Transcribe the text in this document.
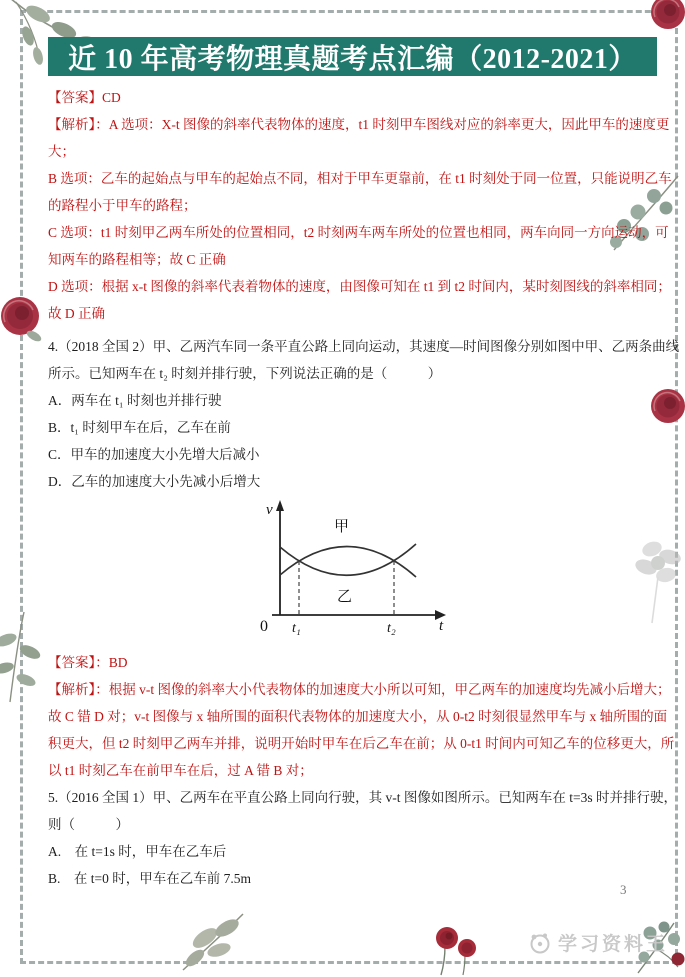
近 10 年高考物理真题考点汇编（2012-2021）
【答案】CD
【解析】：A 选项：X-t 图像的斜率代表物体的速度，t1 时刻甲车图线对应的斜率更大，因此甲车的速度更
大；
B 选项：乙车的起始点与甲车的起始点不同，相对于甲车更靠前，在 t1 时刻处于同一位置，只能说明乙车
的路程小于甲车的路程；
C 选项：t1 时刻甲乙两车所处的位置相同，t2 时刻两车两车所处的位置也相同，两车向同一方向运动，可
知两车的路程相等；故 C 正确
D 选项：根据 x-t 图像的斜率代表着物体的速度，由图像可知在 t1 到 t2 时间内，某时刻图线的斜率相同；
故 D 正确
4.（2018 全国 2）甲、乙两汽车同一条平直公路上同向运动，其速度—时间图像分别如图中甲、乙两条曲线
所示。已知两车在 t₂ 时刻并排行驶，下列说法正确的是（　　　）
A．两车在 t₁ 时刻也并排行驶
B．t₁ 时刻甲车在后，乙车在前
C．甲车的加速度大小先增大后减小
D．乙车的加速度大小先减小后增大
v
t
0 t₁	t₂
甲
乙
【答案】：BD
【解析】：根据 v-t 图像的斜率大小代表物体的加速度大小所以可知，甲乙两车的加速度均先减小后增大；
故 C 错 D 对；v-t 图像与 x 轴所围的面积代表物体的加速度大小，从 0-t2 时刻很显然甲车与 x 轴所围的面
积更大，但 t2 时刻甲乙两车并排，说明开始时甲车在后乙车在前；从 0-t1 时间内可知乙车的位移更大，所
以 t1 时刻乙车在前甲车在后，过 A 错 B 对；
5.（2016 全国 1）甲、乙两车在平直公路上同向行驶，其 v-t 图像如图所示。已知两车在 t=3s 时并排行驶，
则（　　　）
A.　在 t=1s 时，甲车在乙车后
B.　在 t=0 时，甲车在乙车前 7.5m
3
学习资料王
